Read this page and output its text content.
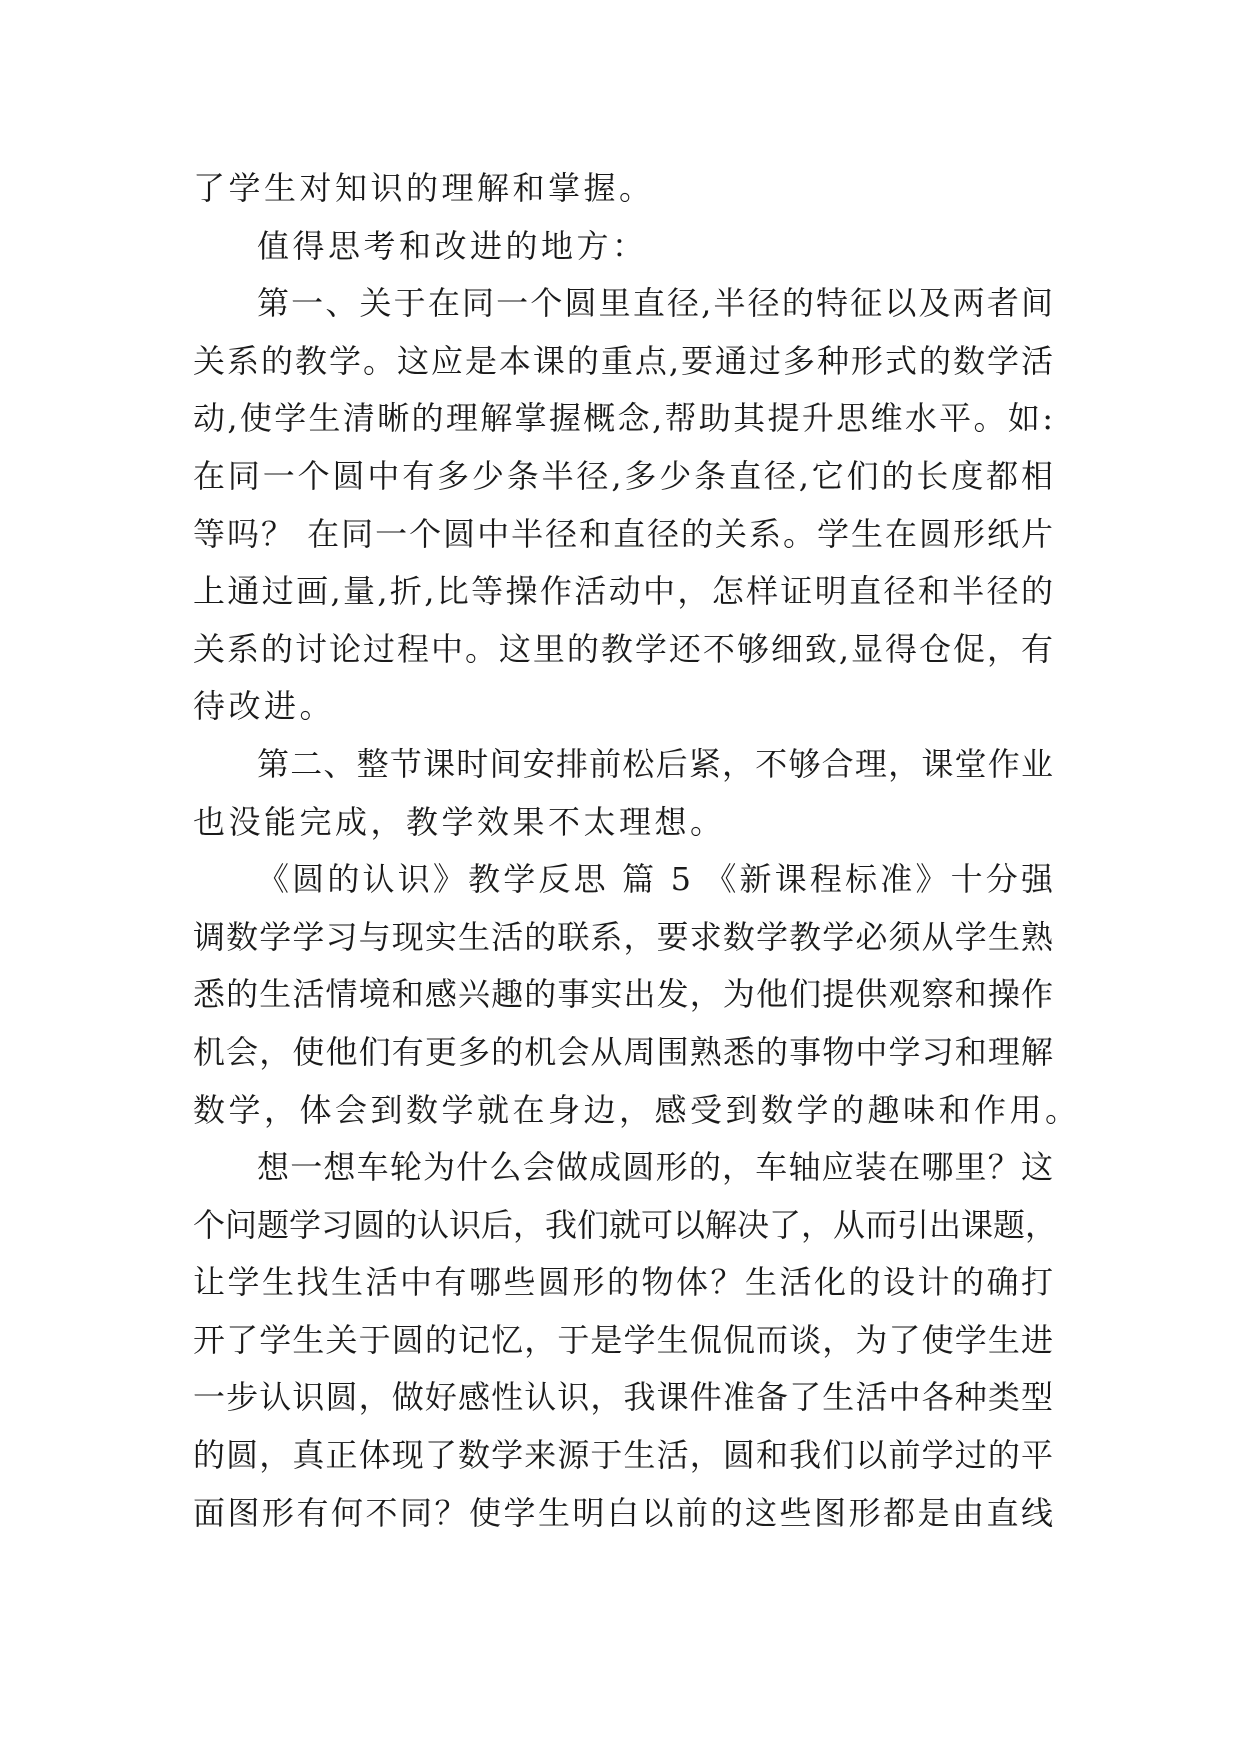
了学生对知识的理解和掌握。
值得思考和改进的地方：
第一、关于在同一个圆里直径,半径的特征以及两者间
关系的教学。这应是本课的重点,要通过多种形式的数学活
动,使学生清晰的理解掌握概念,帮助其提升思维水平。如:
在同一个圆中有多少条半径,多少条直径,它们的长度都相
等吗？ 在同一个圆中半径和直径的关系。学生在圆形纸片
上通过画,量,折,比等操作活动中，怎样证明直径和半径的
关系的讨论过程中。这里的教学还不够细致,显得仓促，有
待改进。
第二、整节课时间安排前松后紧，不够合理，课堂作业
也没能完成，教学效果不太理想。
《圆的认识》教学反思 篇 5 《新课程标准》十分强
调数学学习与现实生活的联系，要求数学教学必须从学生熟
悉的生活情境和感兴趣的事实出发，为他们提供观察和操作
机会，使他们有更多的机会从周围熟悉的事物中学习和理解
数学，体会到数学就在身边，感受到数学的趣味和作用。
想一想车轮为什么会做成圆形的，车轴应装在哪里？这
个问题学习圆的认识后，我们就可以解决了，从而引出课题，
让学生找生活中有哪些圆形的物体？生活化的设计的确打
开了学生关于圆的记忆，于是学生侃侃而谈，为了使学生进
一步认识圆，做好感性认识，我课件准备了生活中各种类型
的圆，真正体现了数学来源于生活，圆和我们以前学过的平
面图形有何不同？使学生明白以前的这些图形都是由直线
